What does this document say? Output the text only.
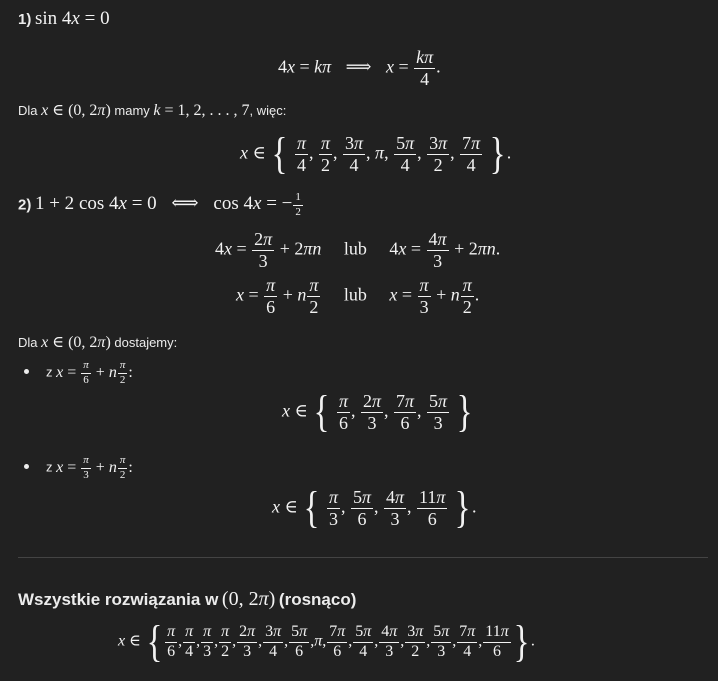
1) sin 4x = 0
4x = kπ ⟹ $x = \frac{k\pi}{4}$ .
Dla x ∈ (0, 2π) mamy k = 1, 2, . . . , 7, więc:
x ∈ { $\frac{\pi}{4}$ , $\frac{\pi}{2}$ , $\frac{3\pi}{4}$ , π, $\frac{5\pi}{4}$ , $\frac{3\pi}{2}$ , $\frac{7\pi}{4}$ }.
2) 1 + 2 cos 4x = 0 ⟺ cos 4x = − $\frac{1}{2}$
$4x = \frac{2\pi}{3} + 2\pi n$ lub $4x = \frac{4\pi}{3} + 2\pi n$.
$x = \frac{\pi}{6} + n \frac{\pi}{2}$ lub $x = \frac{\pi}{3} + n \frac{\pi}{2}$ .
Dla x ∈ (0, 2π) dostajemy:
z $x = \frac{\pi}{6} + n \frac{\pi}{2}$ :
x ∈ { $\frac{\pi}{6}$ , $\frac{2\pi}{3}$ , $\frac{7\pi}{6}$ , $\frac{5\pi}{3}$ }
z $x = \frac{\pi}{3} + n \frac{\pi}{2}$ :
x ∈ { $\frac{\pi}{3}$ , $\frac{5\pi}{6}$ , $\frac{4\pi}{3}$ , $\frac{11\pi}{6}$ }.
Wszystkie rozwiązania w (0, 2π) (rosnąco)
x ∈ { $\frac{\pi}{6}$ , $\frac{\pi}{4}$ , $\frac{\pi}{3}$ , $\frac{\pi}{2}$ , $\frac{2\pi}{3}$ , $\frac{3\pi}{4}$ , $\frac{5\pi}{6} ,\pi$, $\frac{7\pi}{6}$ , $\frac{5\pi}{4}$ , $\frac{4\pi}{3}$ , $\frac{3\pi}{2}$ , $\frac{5\pi}{3}$ , $\frac{7\pi}{4}$ , $\frac{11\pi}{6}$ } .
